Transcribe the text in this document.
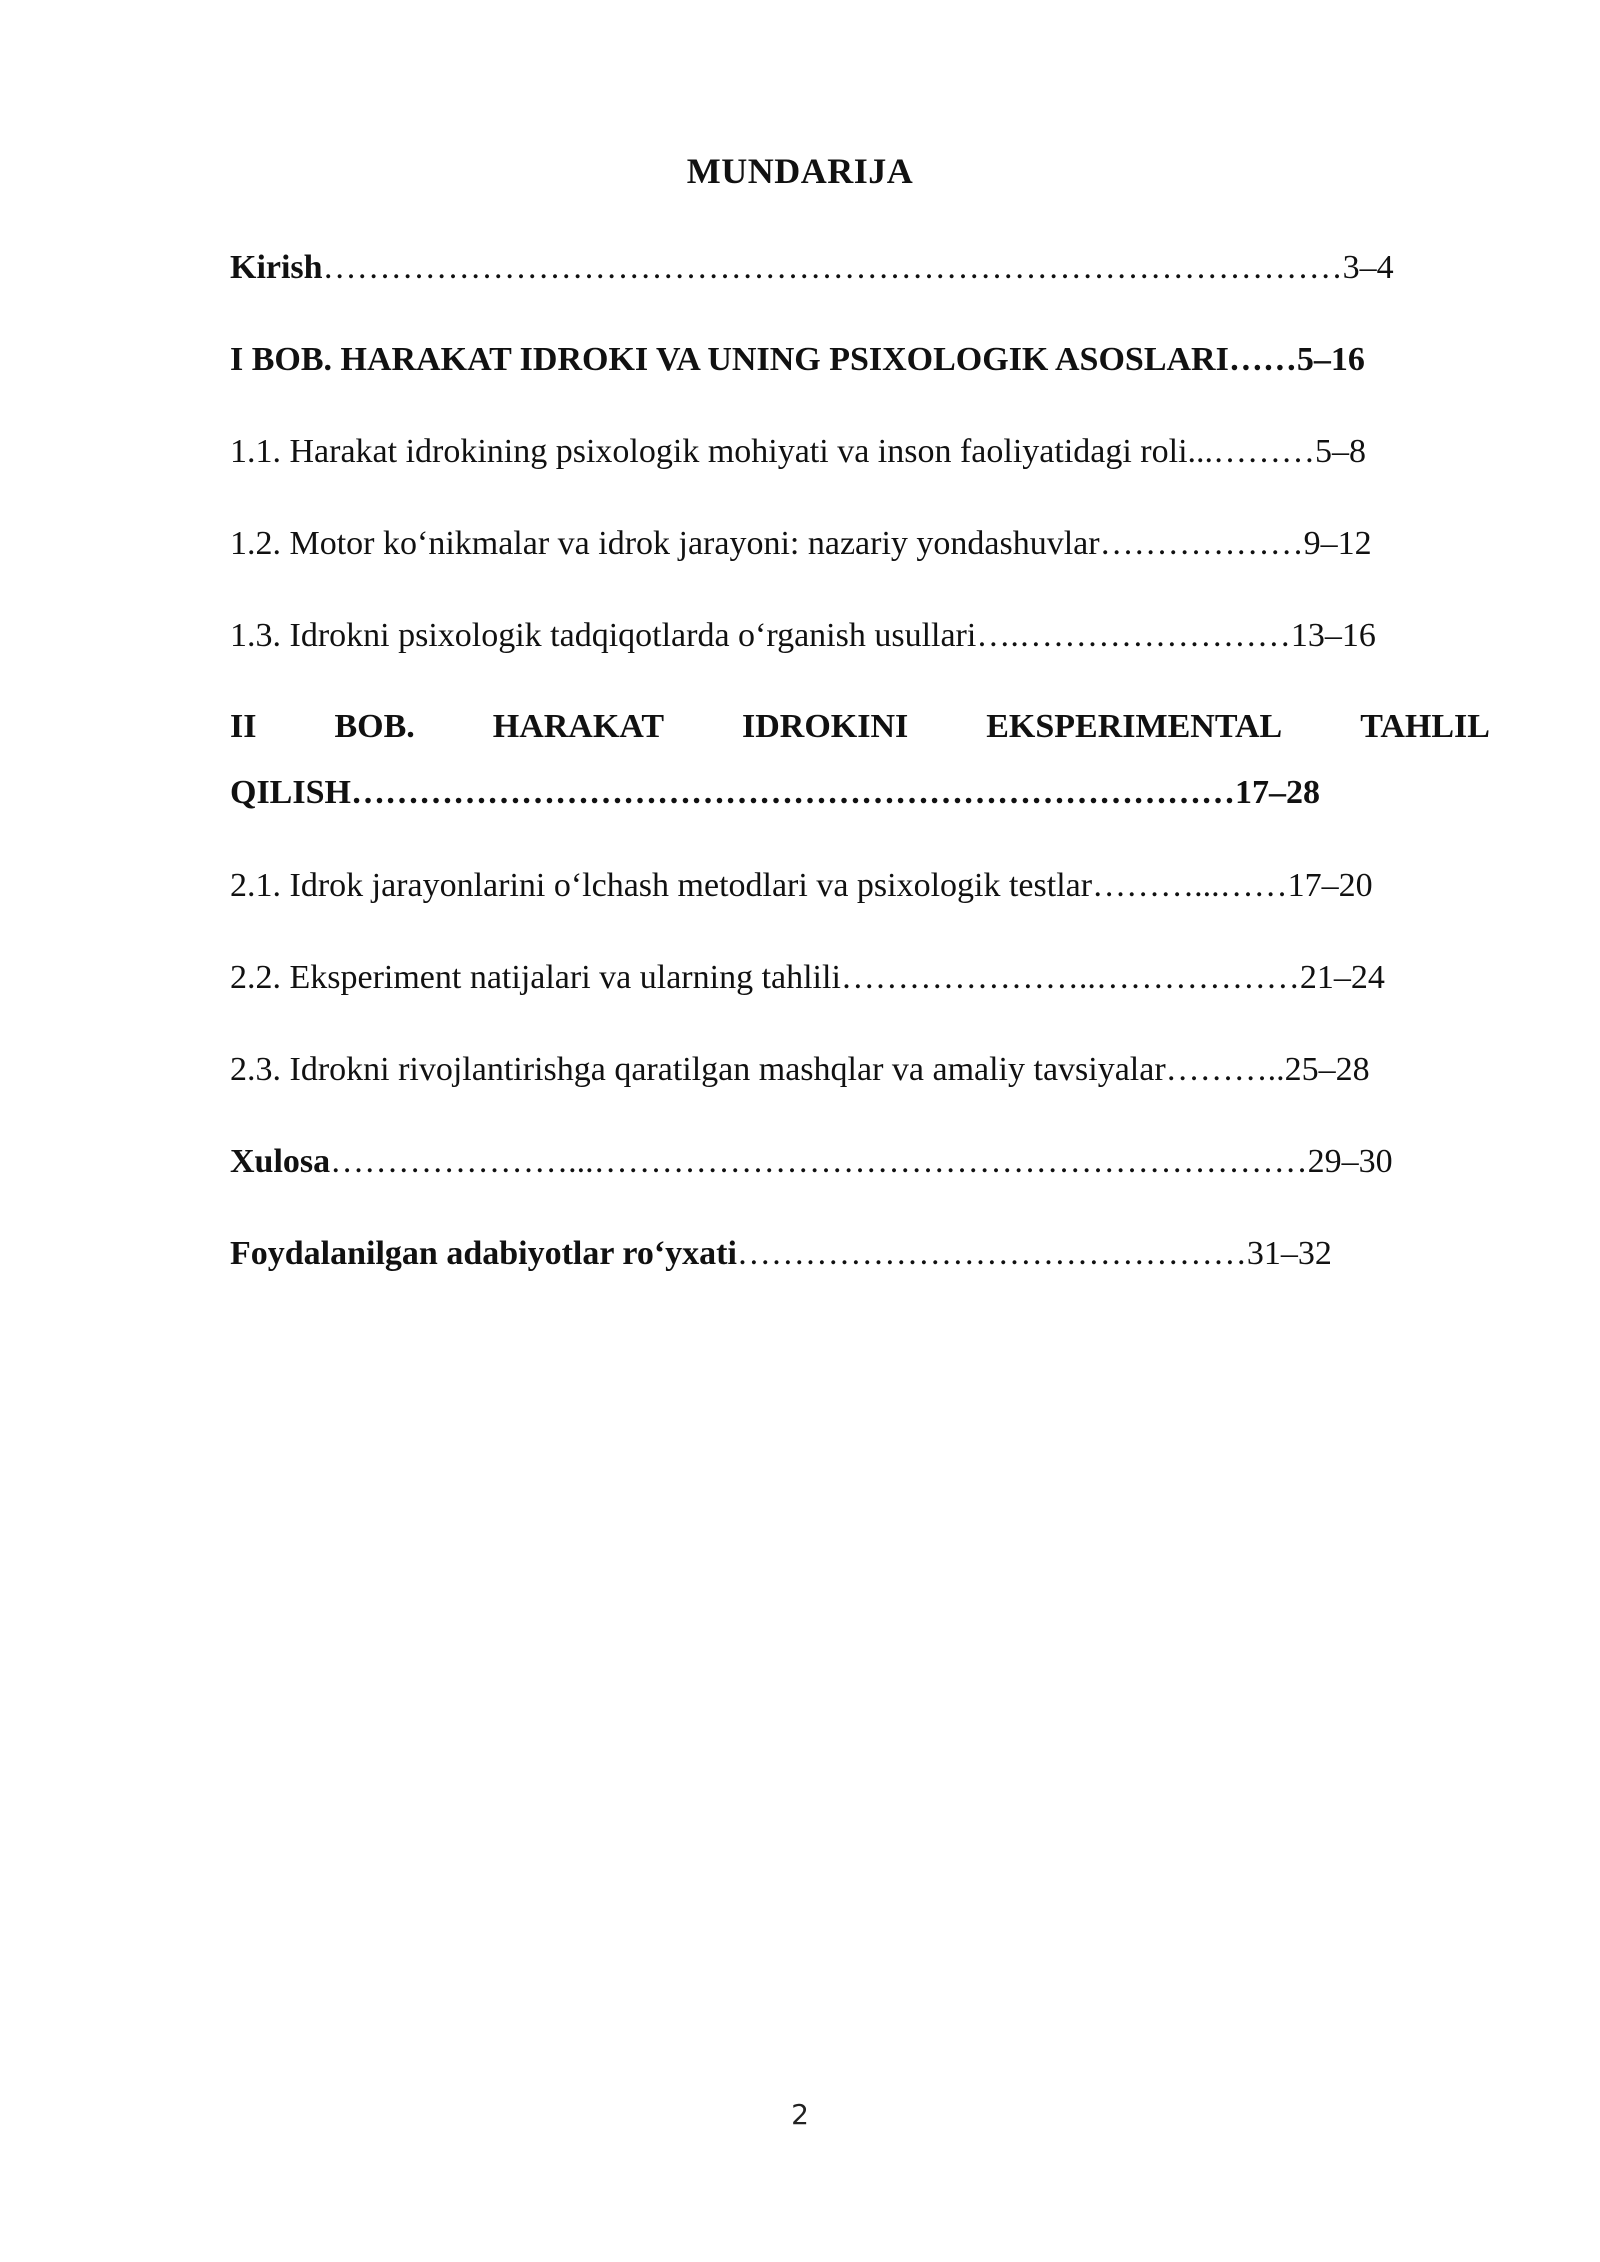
MUNDARIJA
Kirish………………………………………………………………………………3–4
I BOB. HARAKAT IDROKI VA UNING PSIXOLOGIK ASOSLARI……5–16
1.1. Harakat idrokining psixologik mohiyati va inson faoliyatidagi roli...………5–8
1.2. Motor ko‘nikmalar va idrok jarayoni: nazariy yondashuvlar………………9–12
1.3. Idrokni psixologik tadqiqotlarda o‘rganish usullari….……………………13–16
II BOB. HARAKAT IDROKINI EKSPERIMENTAL TAHLIL
QILISH……………………………………………………………………17–28
2.1. Idrok jarayonlarini o‘lchash metodlari va psixologik testlar………...……17–20
2.2. Eksperiment natijalari va ularning tahlili…………………..………………21–24
2.3. Idrokni rivojlantirishga qaratilgan mashqlar va amaliy tavsiyalar………..25–28
Xulosa…………………...………………………………………………………29–30
Foydalanilgan adabiyotlar ro‘yxati………………………………………31–32
2
